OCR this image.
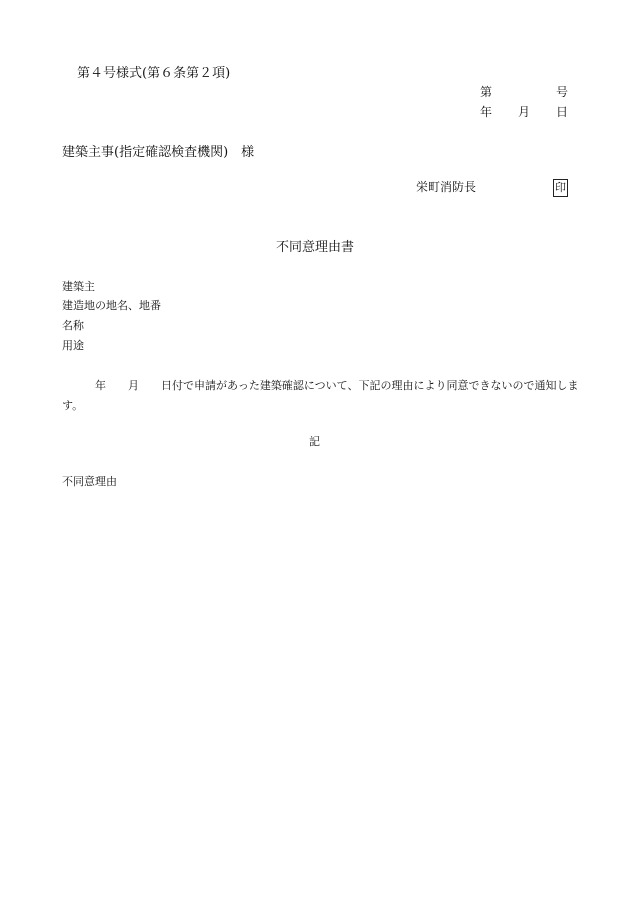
第４号様式(第６条第２項)
第	号
年 月 日
建築主事(指定確認検査機関)　様
栄町消防長	印
不同意理由書
建築主
建造地の地名、地番
名称
用途
年　　月　　日付で申請があった建築確認について、下記の理由により同意できないので通知します。
記
不同意理由
